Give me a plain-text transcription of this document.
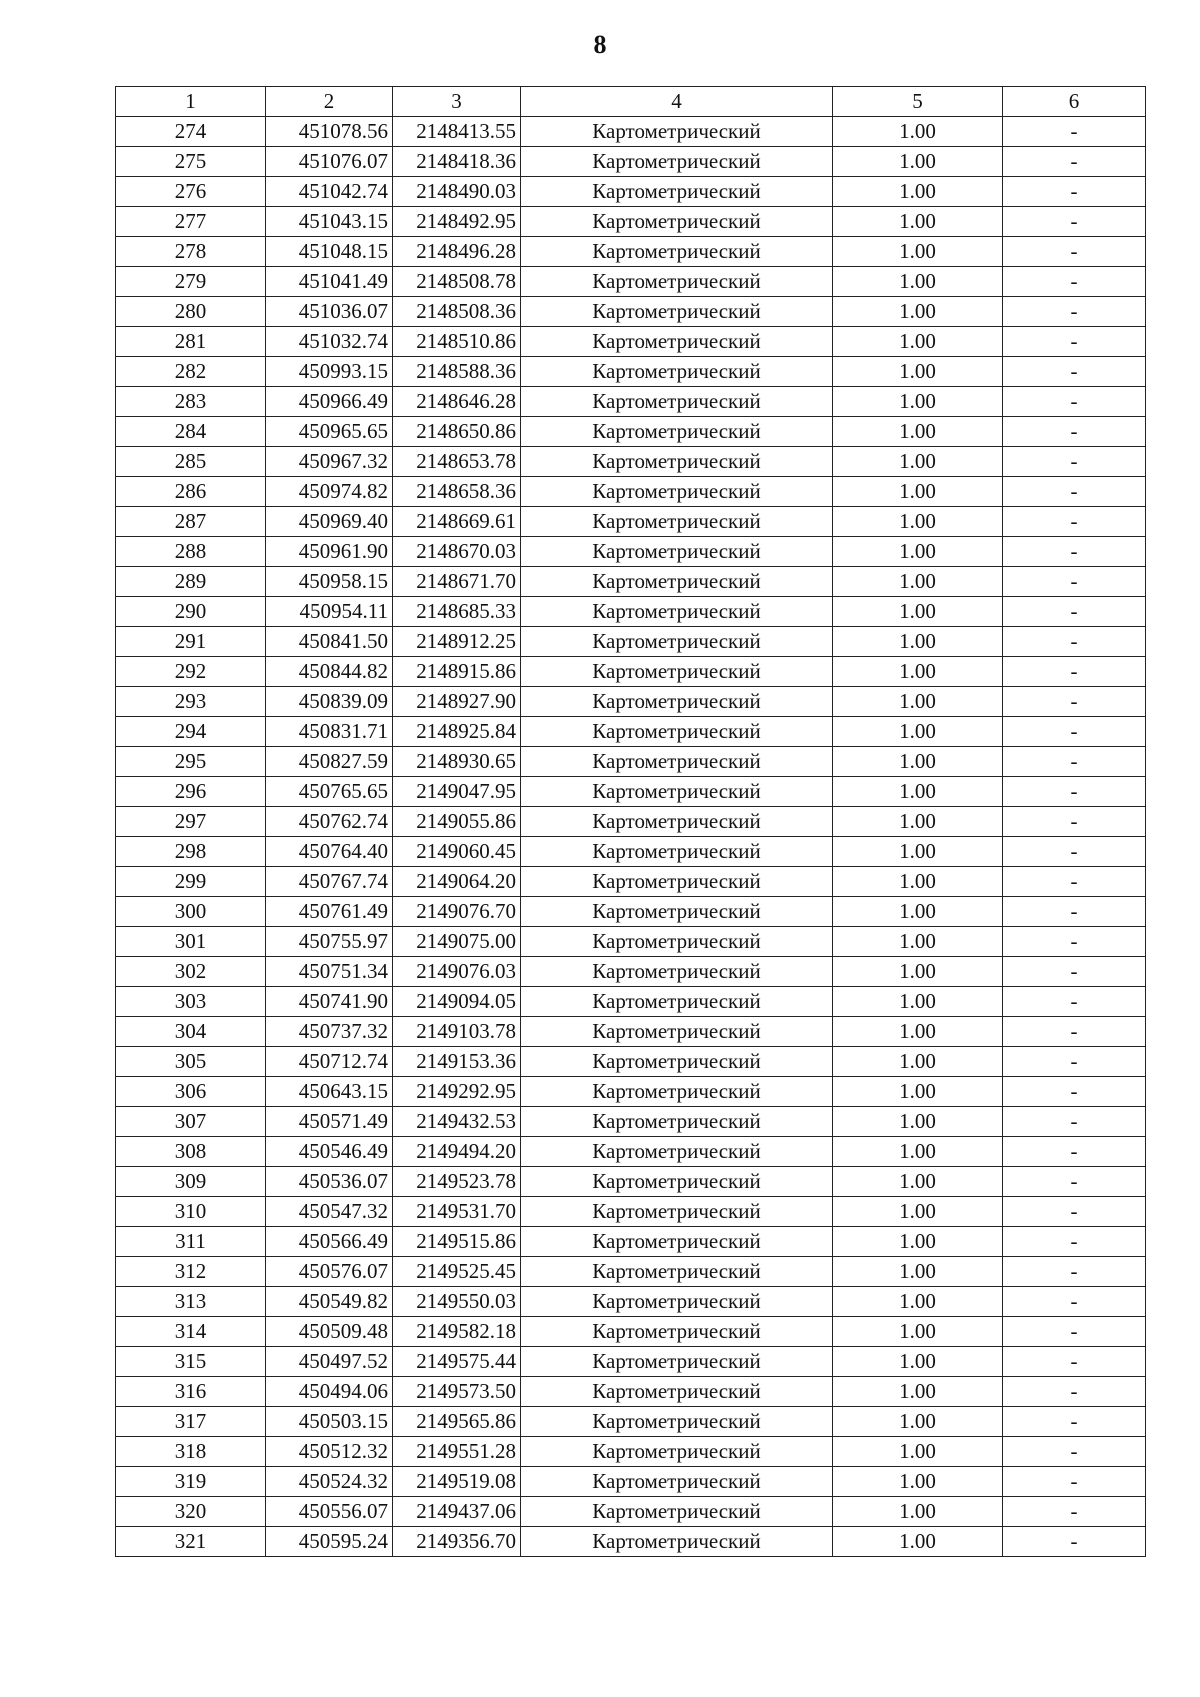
8
1	2	3	4	5	6
274	451078.56	2148413.55	Картометрический	1.00	-
275	451076.07	2148418.36	Картометрический	1.00	-
276	451042.74	2148490.03	Картометрический	1.00	-
277	451043.15	2148492.95	Картометрический	1.00	-
278	451048.15	2148496.28	Картометрический	1.00	-
279	451041.49	2148508.78	Картометрический	1.00	-
280	451036.07	2148508.36	Картометрический	1.00	-
281	451032.74	2148510.86	Картометрический	1.00	-
282	450993.15	2148588.36	Картометрический	1.00	-
283	450966.49	2148646.28	Картометрический	1.00	-
284	450965.65	2148650.86	Картометрический	1.00	-
285	450967.32	2148653.78	Картометрический	1.00	-
286	450974.82	2148658.36	Картометрический	1.00	-
287	450969.40	2148669.61	Картометрический	1.00	-
288	450961.90	2148670.03	Картометрический	1.00	-
289	450958.15	2148671.70	Картометрический	1.00	-
290	450954.11	2148685.33	Картометрический	1.00	-
291	450841.50	2148912.25	Картометрический	1.00	-
292	450844.82	2148915.86	Картометрический	1.00	-
293	450839.09	2148927.90	Картометрический	1.00	-
294	450831.71	2148925.84	Картометрический	1.00	-
295	450827.59	2148930.65	Картометрический	1.00	-
296	450765.65	2149047.95	Картометрический	1.00	-
297	450762.74	2149055.86	Картометрический	1.00	-
298	450764.40	2149060.45	Картометрический	1.00	-
299	450767.74	2149064.20	Картометрический	1.00	-
300	450761.49	2149076.70	Картометрический	1.00	-
301	450755.97	2149075.00	Картометрический	1.00	-
302	450751.34	2149076.03	Картометрический	1.00	-
303	450741.90	2149094.05	Картометрический	1.00	-
304	450737.32	2149103.78	Картометрический	1.00	-
305	450712.74	2149153.36	Картометрический	1.00	-
306	450643.15	2149292.95	Картометрический	1.00	-
307	450571.49	2149432.53	Картометрический	1.00	-
308	450546.49	2149494.20	Картометрический	1.00	-
309	450536.07	2149523.78	Картометрический	1.00	-
310	450547.32	2149531.70	Картометрический	1.00	-
311	450566.49	2149515.86	Картометрический	1.00	-
312	450576.07	2149525.45	Картометрический	1.00	-
313	450549.82	2149550.03	Картометрический	1.00	-
314	450509.48	2149582.18	Картометрический	1.00	-
315	450497.52	2149575.44	Картометрический	1.00	-
316	450494.06	2149573.50	Картометрический	1.00	-
317	450503.15	2149565.86	Картометрический	1.00	-
318	450512.32	2149551.28	Картометрический	1.00	-
319	450524.32	2149519.08	Картометрический	1.00	-
320	450556.07	2149437.06	Картометрический	1.00	-
321	450595.24	2149356.70	Картометрический	1.00	-
